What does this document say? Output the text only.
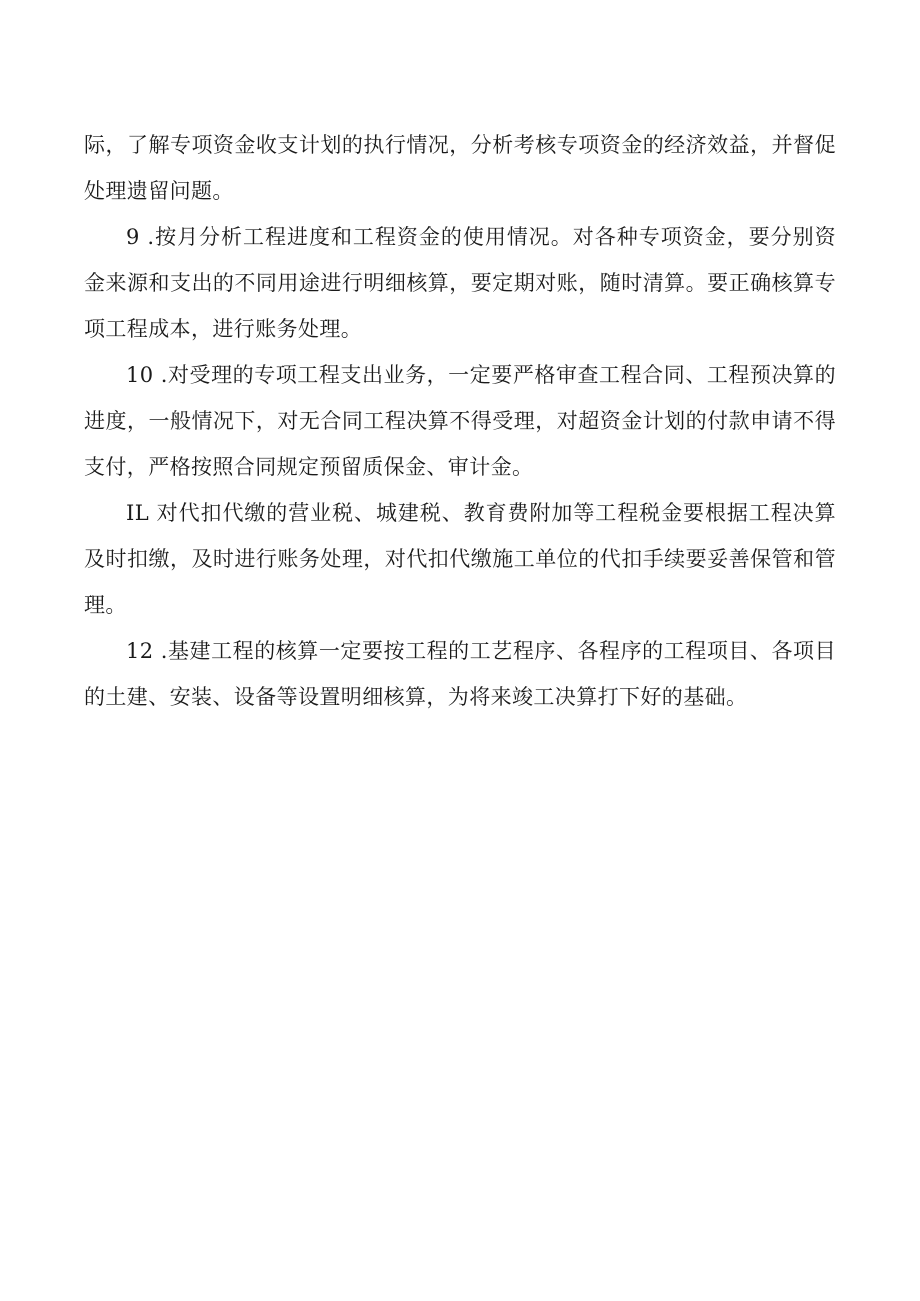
际，了解专项资金收支计划的执行情况，分析考核专项资金的经济效益，并督促处理遗留问题。

9 .按月分析工程进度和工程资金的使用情况。对各种专项资金，要分别资金来源和支出的不同用途进行明细核算，要定期对账，随时清算。要正确核算专项工程成本，进行账务处理。

10 .对受理的专项工程支出业务，一定要严格审查工程合同、工程预决算的进度，一般情况下，对无合同工程决算不得受理，对超资金计划的付款申请不得支付，严格按照合同规定预留质保金、审计金。

IL 对代扣代缴的营业税、城建税、教育费附加等工程税金要根据工程决算及时扣缴，及时进行账务处理，对代扣代缴施工单位的代扣手续要妥善保管和管理。

12 .基建工程的核算一定要按工程的工艺程序、各程序的工程项目、各项目的土建、安装、设备等设置明细核算，为将来竣工决算打下好的基础。
